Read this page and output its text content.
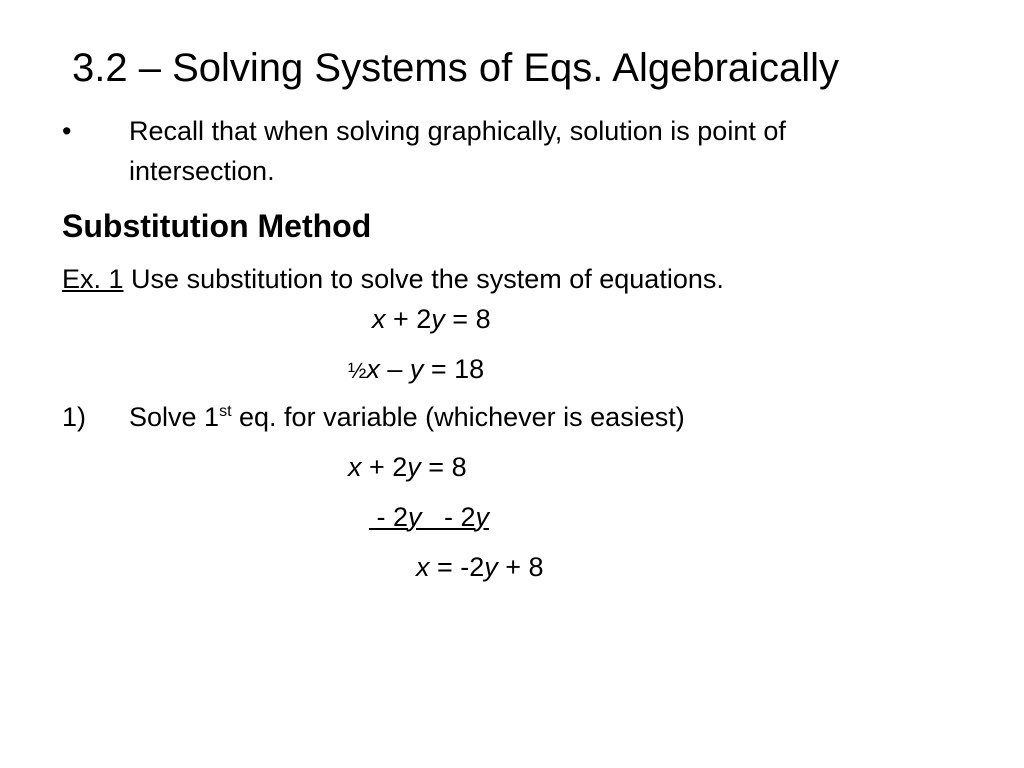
3.2 – Solving Systems of Eqs. Algebraically
• Recall that when solving graphically, solution is point of
intersection.
Substitution Method
Ex. 1 Use substitution to solve the system of equations.
x + 2y = 8
½x – y = 18
1) Solve 1st eq. for variable (whichever is easiest)
x + 2y = 8
- 2y   - 2y
x = -2y + 8
